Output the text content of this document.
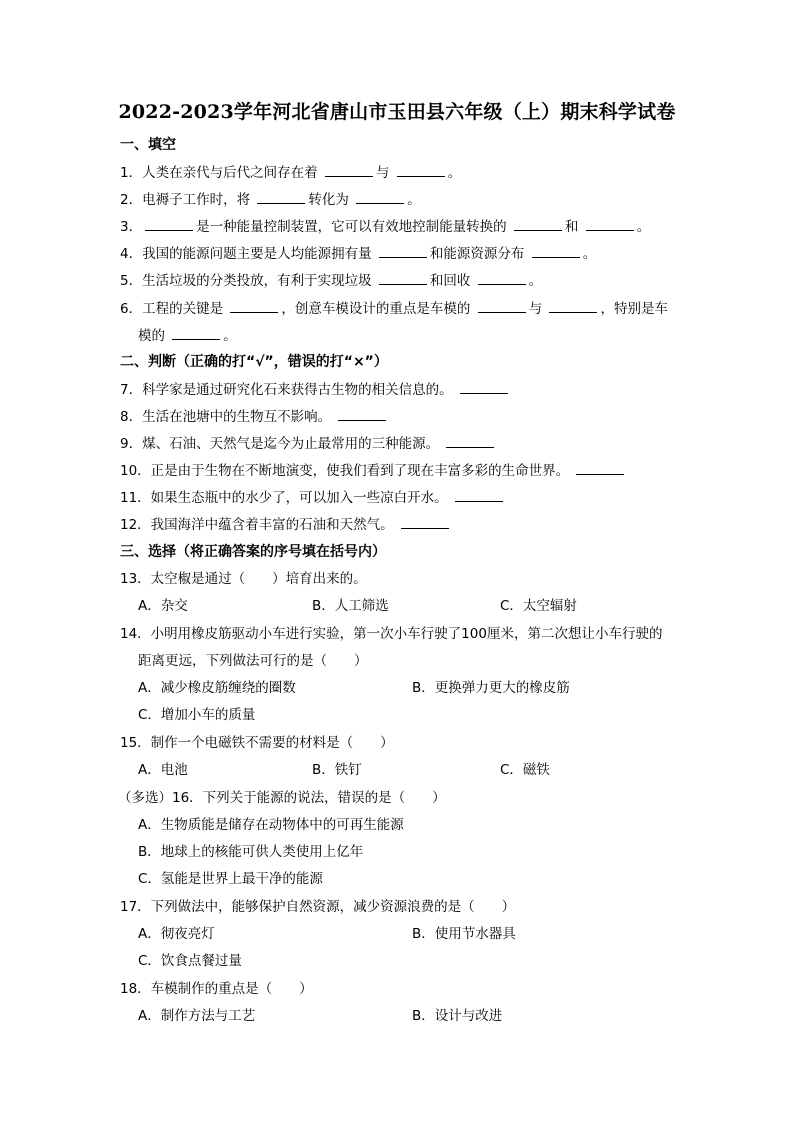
2022-2023学年河北省唐山市玉田县六年级（上）期末科学试卷
一、填空
1．人类在亲代与后代之间存在着	与	。
2．电褥子工作时，将	转化为	。
3．	是一种能量控制装置，它可以有效地控制能量转换的	和	。
4．我国的能源问题主要是人均能源拥有量	和能源资源分布	。
5．生活垃圾的分类投放，有利于实现垃圾	和回收	。
6．工程的关键是	，创意车模设计的重点是车模的	与	，特别是车
模的	。
二、判断（正确的打“√”，错误的打“×”）
7．科学家是通过研究化石来获得古生物的相关信息的。
8．生活在池塘中的生物互不影响。
9．煤、石油、天然气是迄今为止最常用的三种能源。
10．正是由于生物在不断地演变，使我们看到了现在丰富多彩的生命世界。
11．如果生态瓶中的水少了，可以加入一些凉白开水。
12．我国海洋中蕴含着丰富的石油和天然气。
三、选择（将正确答案的序号填在括号内）
13．太空椒是通过（　　）培育出来的。
A．杂交	B．人工筛选	C．太空辐射
14．小明用橡皮筋驱动小车进行实验，第一次小车行驶了100厘米，第二次想让小车行驶的
距离更远，下列做法可行的是（　　）
A．减少橡皮筋缠绕的圈数	B．更换弹力更大的橡皮筋
C．增加小车的质量
15．制作一个电磁铁不需要的材料是（　　）
A．电池	B．铁钉	C．磁铁
（多选）16．下列关于能源的说法，错误的是（　　）
A．生物质能是储存在动物体中的可再生能源
B．地球上的核能可供人类使用上亿年
C．氢能是世界上最干净的能源
17．下列做法中，能够保护自然资源，减少资源浪费的是（　　）
A．彻夜亮灯	B．使用节水器具
C．饮食点餐过量
18．车模制作的重点是（　　）
A．制作方法与工艺	B．设计与改进
